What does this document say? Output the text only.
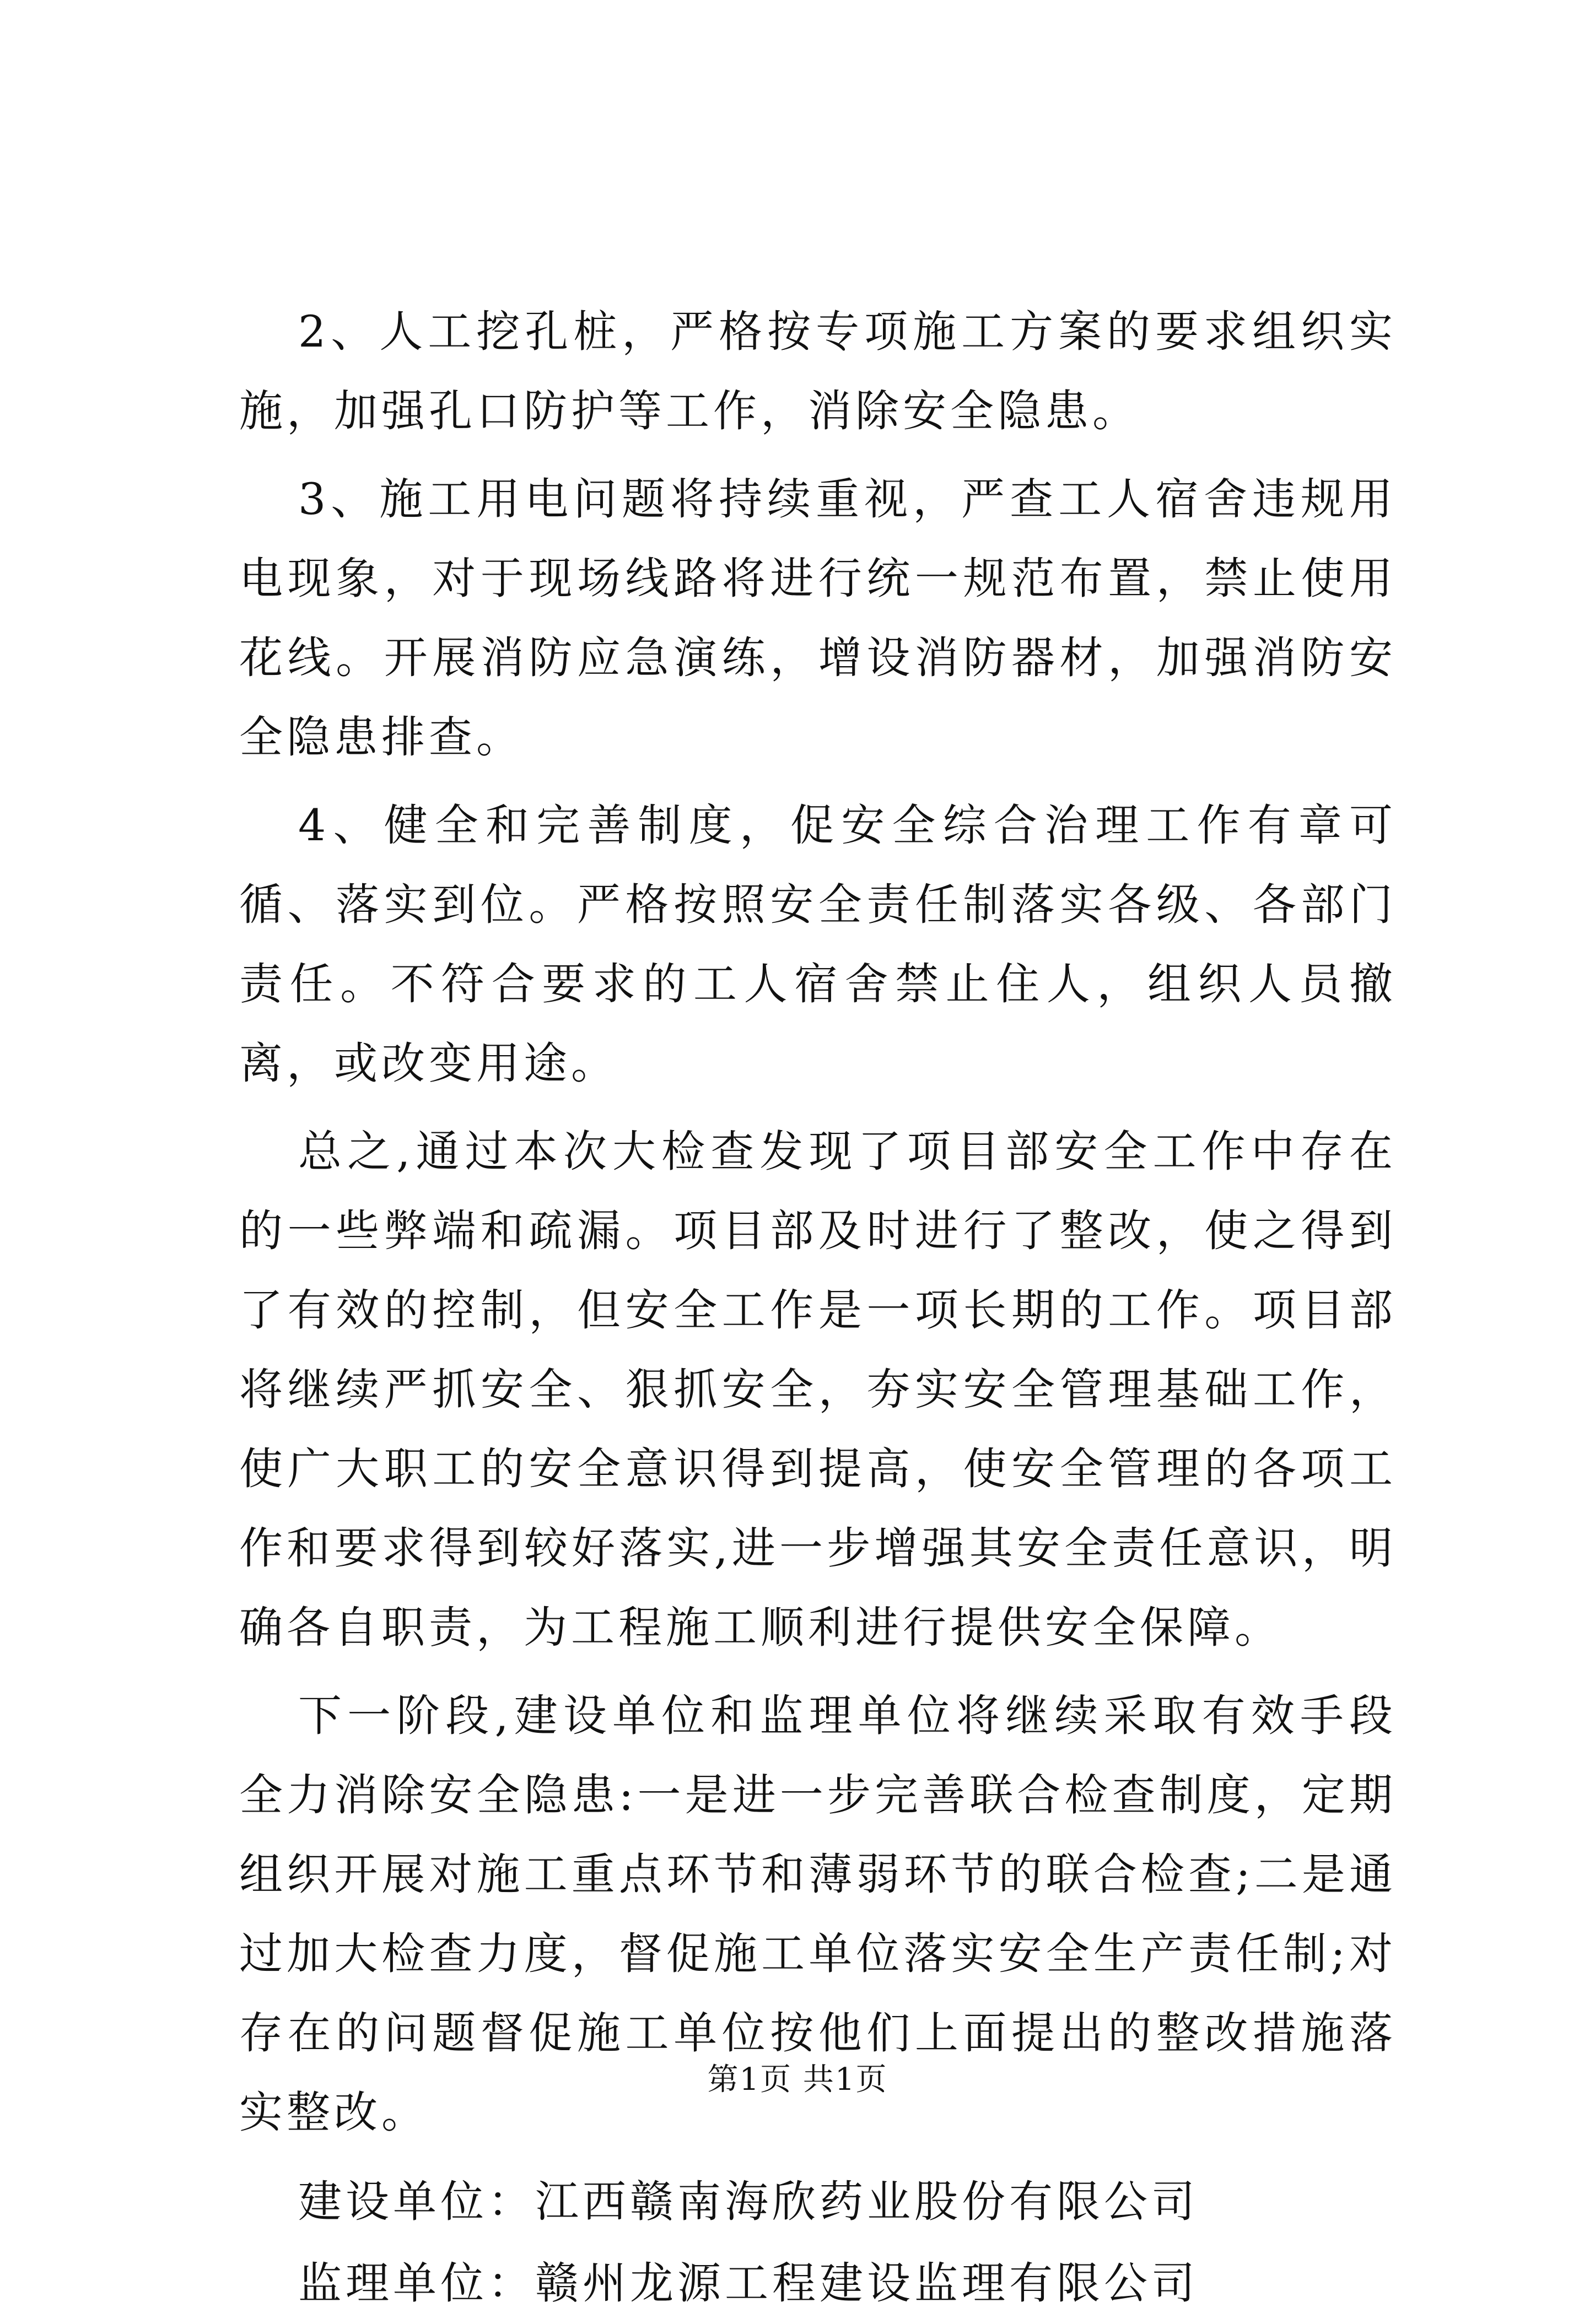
2、人工挖孔桩，严格按专项施工方案的要求组织实施，加强孔口防护等工作，消除安全隐患。

3、施工用电问题将持续重视，严查工人宿舍违规用电现象，对于现场线路将进行统一规范布置，禁止使用花线。开展消防应急演练，增设消防器材，加强消防安全隐患排查。

4、健全和完善制度，促安全综合治理工作有章可循、落实到位。严格按照安全责任制落实各级、各部门责任。不符合要求的工人宿舍禁止住人，组织人员撤离，或改变用途。

总之,通过本次大检查发现了项目部安全工作中存在的一些弊端和疏漏。项目部及时进行了整改，使之得到了有效的控制，但安全工作是一项长期的工作。项目部将继续严抓安全、狠抓安全，夯实安全管理基础工作，使广大职工的安全意识得到提高，使安全管理的各项工作和要求得到较好落实,进一步增强其安全责任意识，明确各自职责，为工程施工顺利进行提供安全保障。

下一阶段,建设单位和监理单位将继续采取有效手段全力消除安全隐患:一是进一步完善联合检查制度，定期组织开展对施工重点环节和薄弱环节的联合检查;二是通过加大检查力度，督促施工单位落实安全生产责任制;对存在的问题督促施工单位按他们上面提出的整改措施落实整改。

建设单位：江西赣南海欣药业股份有限公司

监理单位：赣州龙源工程建设监理有限公司

第1页 共1页
